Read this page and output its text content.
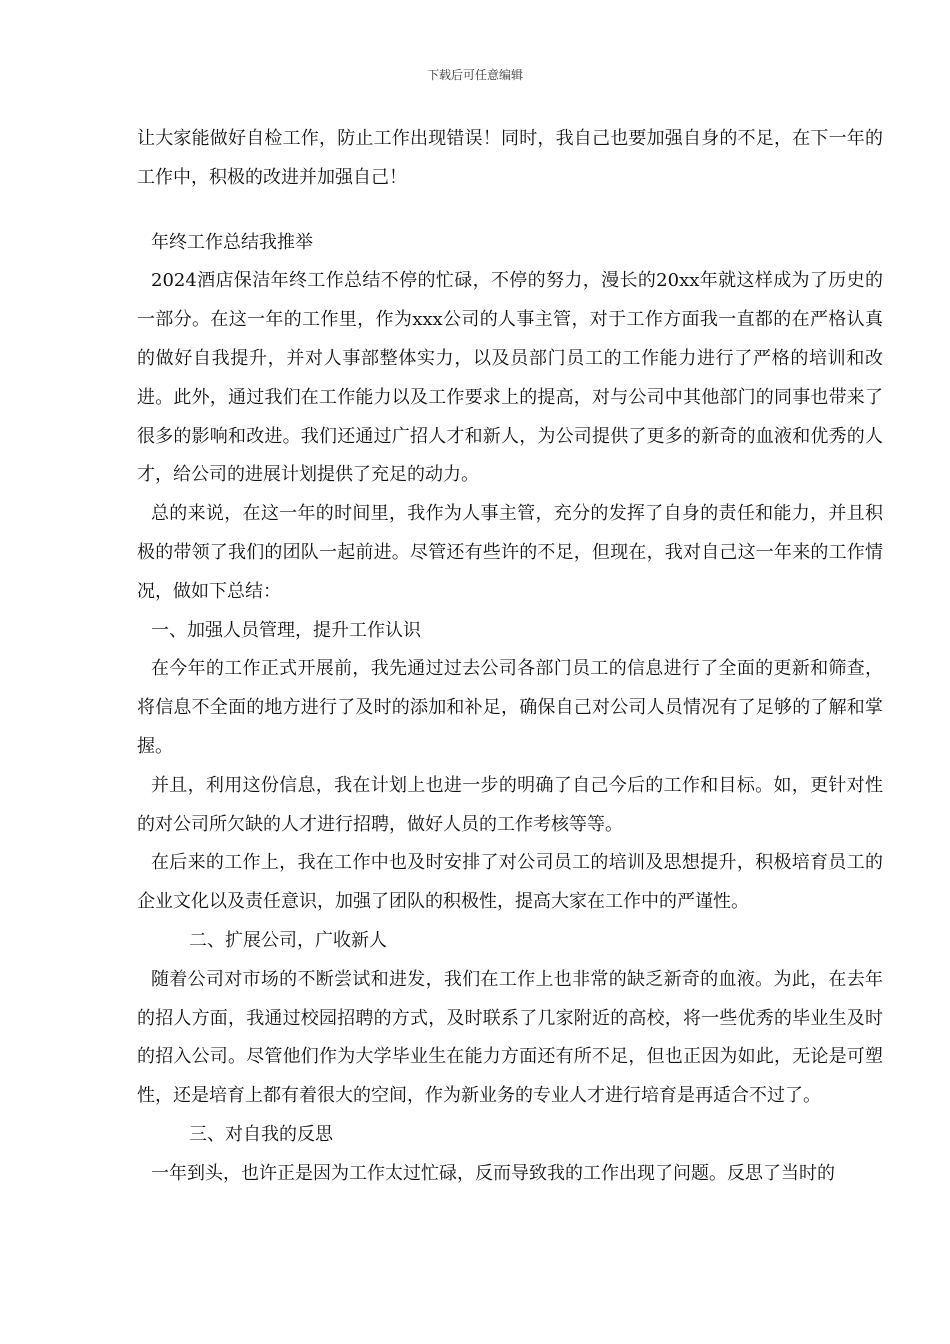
下载后可任意编辑

让大家能做好自检工作，防止工作出现错误！同时，我自己也要加强自身的不足，在下一年的工作中，积极的改进并加强自己！

年终工作总结我推举

2024酒店保洁年终工作总结不停的忙碌，不停的努力，漫长的20xx年就这样成为了历史的一部分。在这一年的工作里，作为xxx公司的人事主管，对于工作方面我一直都的在严格认真的做好自我提升，并对人事部整体实力，以及员部门员工的工作能力进行了严格的培训和改进。此外，通过我们在工作能力以及工作要求上的提高，对与公司中其他部门的同事也带来了很多的影响和改进。我们还通过广招人才和新人，为公司提供了更多的新奇的血液和优秀的人才，给公司的进展计划提供了充足的动力。

总的来说，在这一年的时间里，我作为人事主管，充分的发挥了自身的责任和能力，并且积极的带领了我们的团队一起前进。尽管还有些许的不足，但现在，我对自己这一年来的工作情况，做如下总结：

一、加强人员管理，提升工作认识

在今年的工作正式开展前，我先通过过去公司各部门员工的信息进行了全面的更新和筛查，将信息不全面的地方进行了及时的添加和补足，确保自己对公司人员情况有了足够的了解和掌握。

并且，利用这份信息，我在计划上也进一步的明确了自己今后的工作和目标。如，更针对性的对公司所欠缺的人才进行招聘，做好人员的工作考核等等。

在后来的工作上，我在工作中也及时安排了对公司员工的培训及思想提升，积极培育员工的企业文化以及责任意识，加强了团队的积极性，提高大家在工作中的严谨性。

二、扩展公司，广收新人

随着公司对市场的不断尝试和进发，我们在工作上也非常的缺乏新奇的血液。为此，在去年的招人方面，我通过校园招聘的方式，及时联系了几家附近的高校，将一些优秀的毕业生及时的招入公司。尽管他们作为大学毕业生在能力方面还有所不足，但也正因为如此，无论是可塑性，还是培育上都有着很大的空间，作为新业务的专业人才进行培育是再适合不过了。

三、对自我的反思

一年到头，也许正是因为工作太过忙碌，反而导致我的工作出现了问题。反思了当时的
